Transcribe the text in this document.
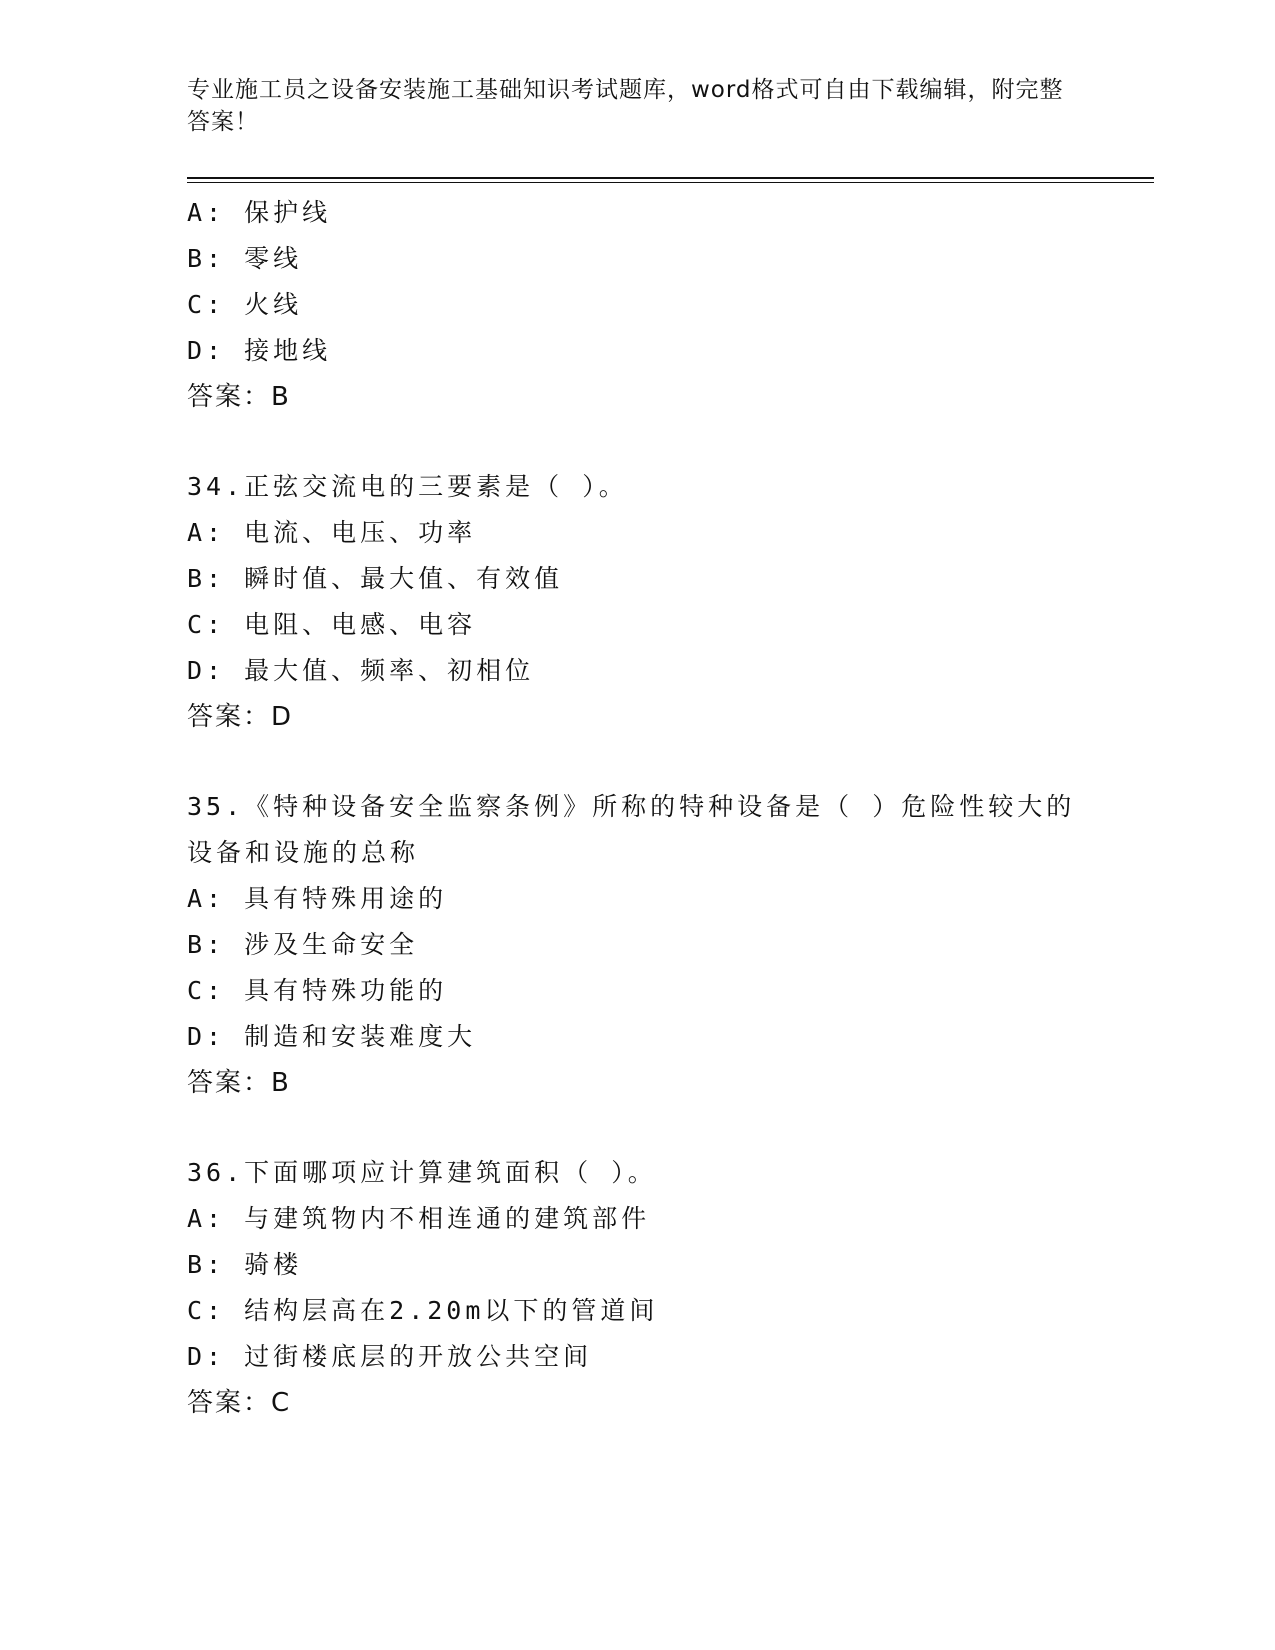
专业施工员之设备安装施工基础知识考试题库，word格式可自由下载编辑，附完整答案！
A: 保护线
B: 零线
C: 火线
D: 接地线
答案：B
34.正弦交流电的三要素是（ ）。
A: 电流、电压、功率
B: 瞬时值、最大值、有效值
C: 电阻、电感、电容
D: 最大值、频率、初相位
答案：D
35.《特种设备安全监察条例》所称的特种设备是（ ）危险性较大的
设备和设施的总称
A: 具有特殊用途的
B: 涉及生命安全
C: 具有特殊功能的
D: 制造和安装难度大
答案：B
36.下面哪项应计算建筑面积（ ）。
A: 与建筑物内不相连通的建筑部件
B: 骑楼
C: 结构层高在2.20m以下的管道间
D: 过街楼底层的开放公共空间
答案：C
